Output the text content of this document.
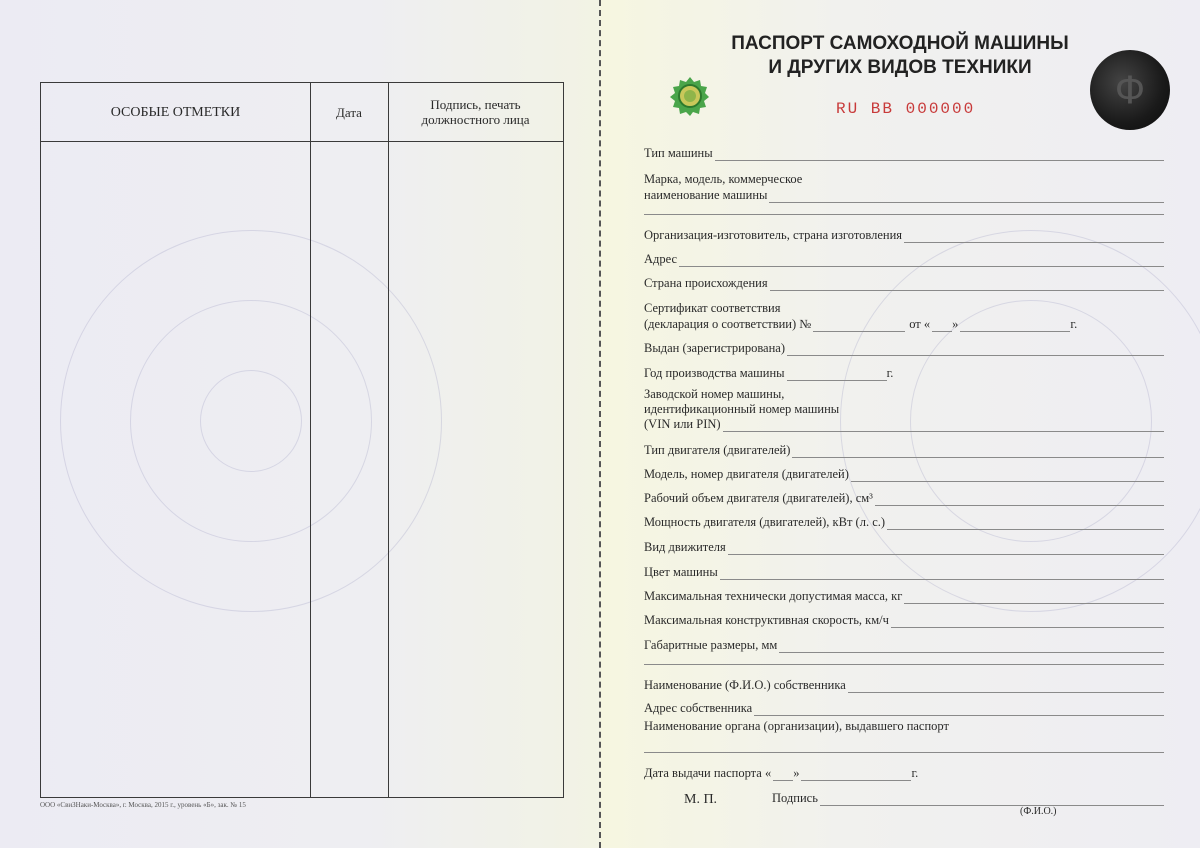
ОСОБЫЕ ОТМЕТКИ	Дата	Подпись, печать должностного лица
ООО «СвиЗНаки-Москва», г. Москва, 2015 г., уровень «Б», зак. № 15
ПАСПОРТ САМОХОДНОЙ МАШИНЫ
И ДРУГИХ ВИДОВ ТЕХНИКИ
RU BB 000000	Ф
Тип машины
Марка, модель, коммерческое
наименование машины
Организация-изготовитель, страна изготовления
Адрес
Страна происхождения
Сертификат соответствия
(декларация о соответствии) №	от « »	г.
Выдан (зарегистрирована)
Год производства машины	г.
Заводской номер машины,
идентификационный номер машины
(VIN или PIN)
Тип двигателя (двигателей)
Модель, номер двигателя (двигателей)
Рабочий объем двигателя (двигателей), см³
Мощность двигателя (двигателей), кВт (л. с.)
Вид движителя
Цвет машины
Максимальная технически допустимая масса, кг
Максимальная конструктивная скорость, км/ч
Габаритные размеры, мм
Наименование (Ф.И.О.) собственника
Адрес собственника
Наименование органа (организации), выдавшего паспорт
Дата выдачи паспорта « »	г.
М. П.	Подпись
(Ф.И.О.)
